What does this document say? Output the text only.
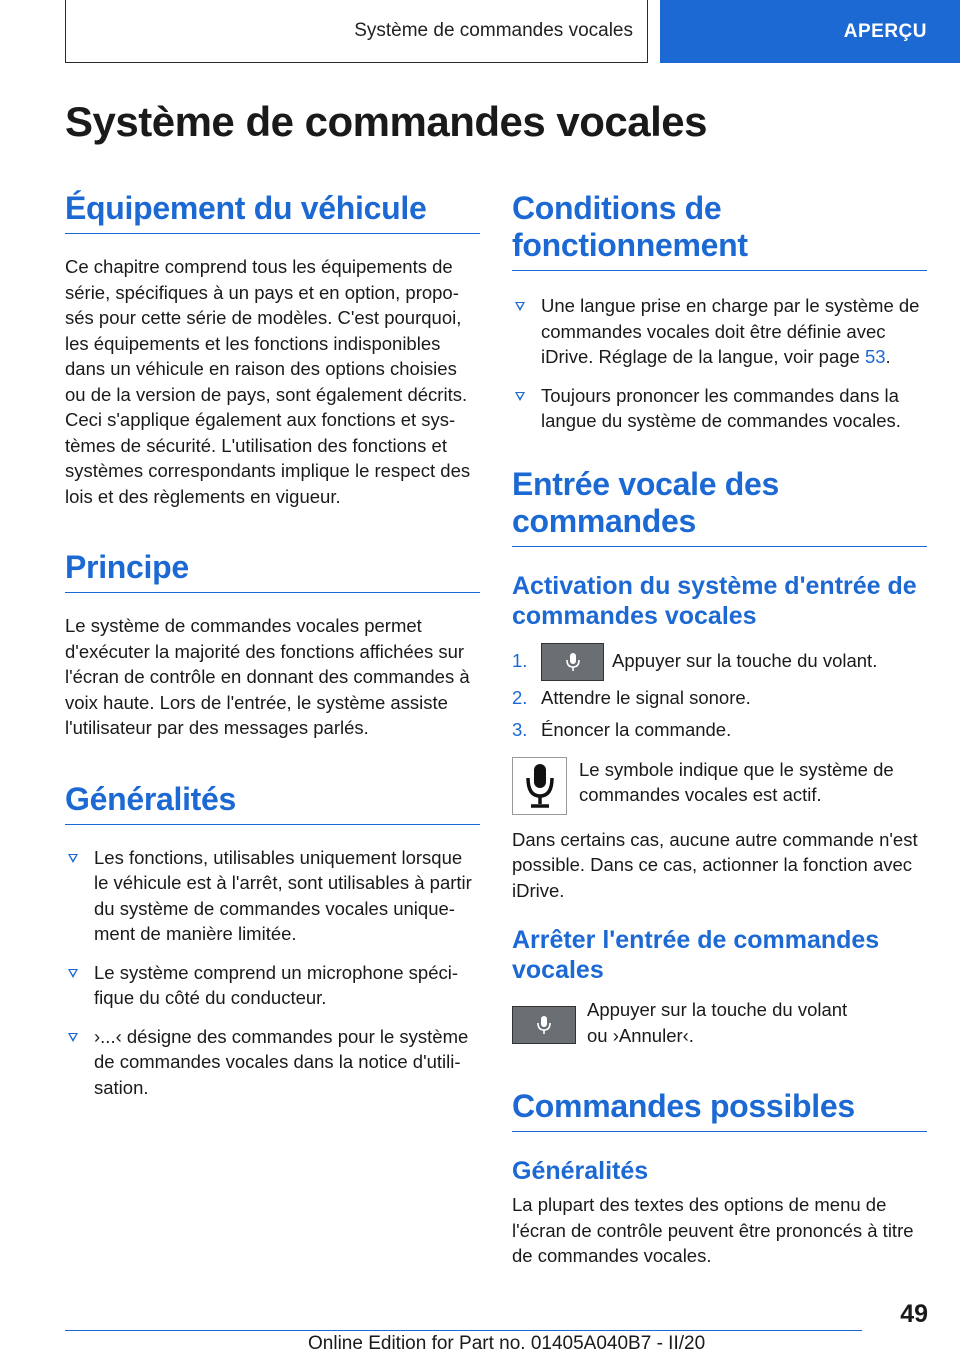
Système de commandes vocales	APERÇU
Système de commandes vocales
Équipement du véhicule

Ce chapitre comprend tous les équipements de série, spécifiques à un pays et en option, proposés pour cette série de modèles. C'est pourquoi, les équipements et les fonctions indisponibles dans un véhicule en raison des options choisies ou de la version de pays, sont également décrits. Ceci s'applique également aux fonctions et systèmes de sécurité. L'utilisation des fonctions et systèmes correspondants implique le respect des lois et des règlements en vigueur.

Principe

Le système de commandes vocales permet d'exécuter la majorité des fonctions affichées sur l'écran de contrôle en donnant des commandes à voix haute. Lors de l'entrée, le système assiste l'utilisateur par des messages parlés.

Généralités
Les fonctions, utilisables uniquement lorsque le véhicule est à l'arrêt, sont utilisables à partir du système de commandes vocales uniquement de manière limitée.
Le système comprend un microphone spécifique du côté du conducteur.
›...‹ désigne des commandes pour le système de commandes vocales dans la notice d'utilisation.
Conditions de fonctionnement
Une langue prise en charge par le système de commandes vocales doit être définie avec iDrive. Réglage de la langue, voir page 53.
Toujours prononcer les commandes dans la langue du système de commandes vocales.
Entrée vocale des commandes
Activation du système d'entrée de commandes vocales
1.	Appuyer sur la touche du volant.
2. Attendre le signal sonore.
3. Énoncer la commande.

Le symbole indique que le système de commandes vocales est actif.

Dans certains cas, aucune autre commande n'est possible. Dans ce cas, actionner la fonction avec iDrive.

Arrêter l'entrée de commandes vocales

Appuyer sur la touche du volant ou ›Annuler‹.

Commandes possibles
Généralités

La plupart des textes des options de menu de l'écran de contrôle peuvent être prononcés à titre de commandes vocales.

49
Online Edition for Part no. 01405A040B7 - II/20
